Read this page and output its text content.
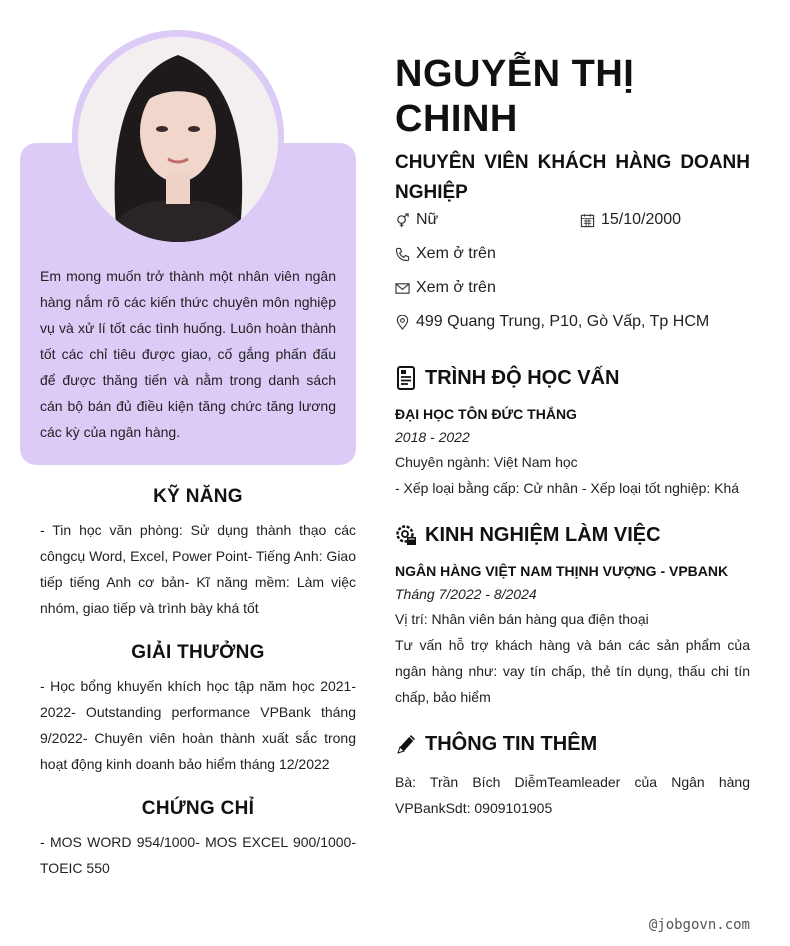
Em mong muốn trở thành một nhân viên ngân hàng nắm rõ các kiến thức chuyên môn nghiệp vụ và xử lí tốt các tình huống. Luôn hoàn thành tốt các chỉ tiêu được giao, cố gắng phấn đấu để được thăng tiến và nằm trong danh sách cán bộ bán đủ điều kiện tăng chức tăng lương các kỳ của ngân hàng.
KỸ NĂNG
- Tin học văn phòng: Sử dụng thành thạo các côngcụ Word, Excel, Power Point- Tiếng Anh: Giao tiếp tiếng Anh cơ bản- Kĩ năng mềm: Làm việc nhóm, giao tiếp và trình bày khá tốt
GIẢI THƯỞNG
- Học bổng khuyến khích học tập năm học 2021-2022- Outstanding performance VPBank tháng 9/2022- Chuyên viên hoàn thành xuất sắc trong hoạt động kinh doanh bảo hiểm tháng 12/2022
CHỨNG CHỈ
- MOS WORD 954/1000- MOS EXCEL 900/1000- TOEIC 550
NGUYỄN THỊ CHINH
CHUYÊN VIÊN KHÁCH HÀNG DOANH NGHIỆP
Nữ	15/10/2000
Xem ở trên
Xem ở trên
499 Quang Trung, P10, Gò Vấp, Tp HCM
TRÌNH ĐỘ HỌC VẤN
ĐẠI HỌC TÔN ĐỨC THẮNG
2018 - 2022
Chuyên ngành: Việt Nam học
- Xếp loại bằng cấp: Cử nhân - Xếp loại tốt nghiệp: Khá
KINH NGHIỆM LÀM VIỆC
NGÂN HÀNG VIỆT NAM THỊNH VƯỢNG - VPBANK
Tháng 7/2022 - 8/2024
Vị trí: Nhân viên bán hàng qua điện thoại
Tư vấn hỗ trợ khách hàng và bán các sản phẩm của ngân hàng như: vay tín chấp, thẻ tín dụng, thấu chi tín chấp, bảo hiểm
THÔNG TIN THÊM
Bà: Trần Bích DiễmTeamleader của Ngân hàng VPBankSdt: 0909101905
@jobgovn.com
